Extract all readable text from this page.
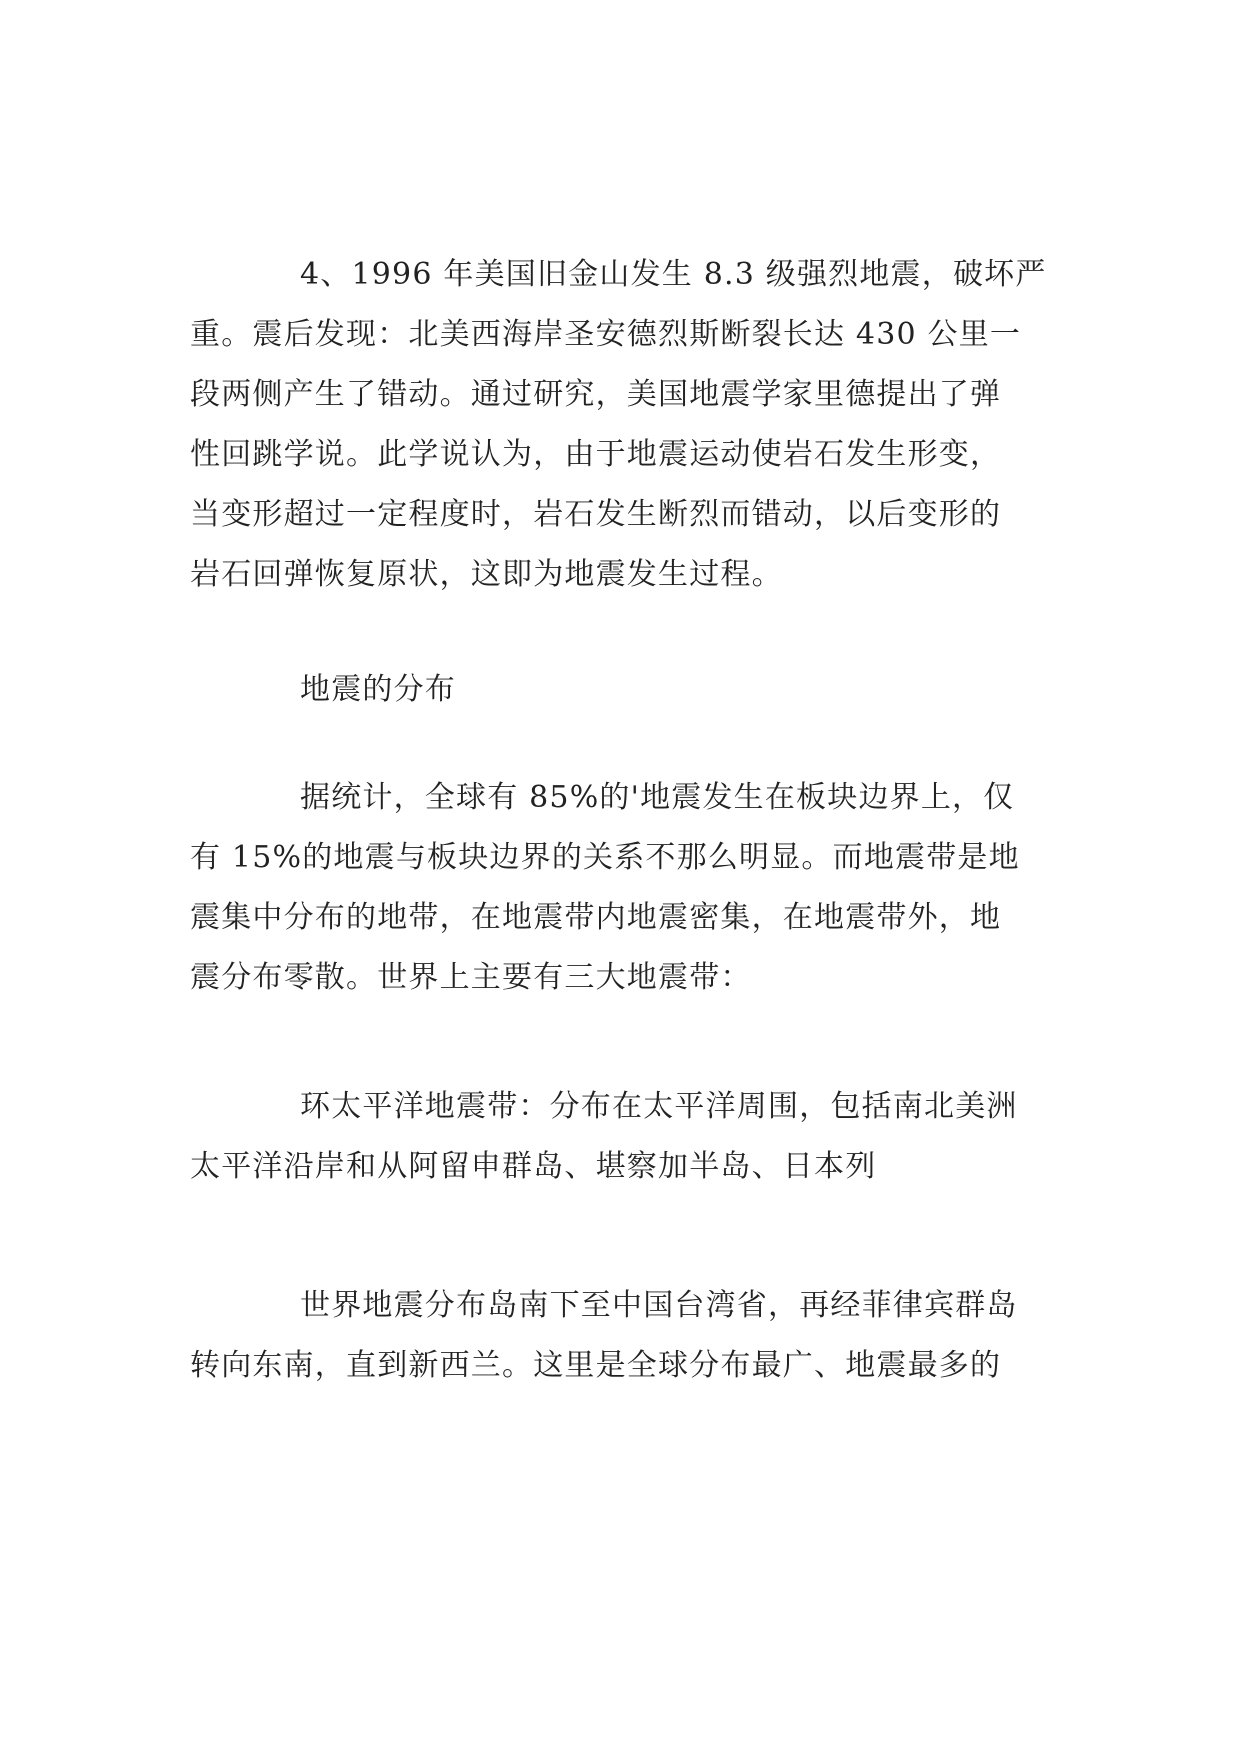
4、1996 年美国旧金山发生 8.3 级强烈地震，破坏严
重。震后发现：北美西海岸圣安德烈斯断裂长达 430 公里一
段两侧产生了错动。通过研究，美国地震学家里德提出了弹
性回跳学说。此学说认为，由于地震运动使岩石发生形变，
当变形超过一定程度时，岩石发生断烈而错动，以后变形的
岩石回弹恢复原状，这即为地震发生过程。
地震的分布
据统计，全球有 85%的'地震发生在板块边界上，仅
有 15%的地震与板块边界的关系不那么明显。而地震带是地
震集中分布的地带，在地震带内地震密集，在地震带外，地
震分布零散。世界上主要有三大地震带：
环太平洋地震带：分布在太平洋周围，包括南北美洲
太平洋沿岸和从阿留申群岛、堪察加半岛、日本列
世界地震分布岛南下至中国台湾省，再经菲律宾群岛
转向东南，直到新西兰。这里是全球分布最广、地震最多的
